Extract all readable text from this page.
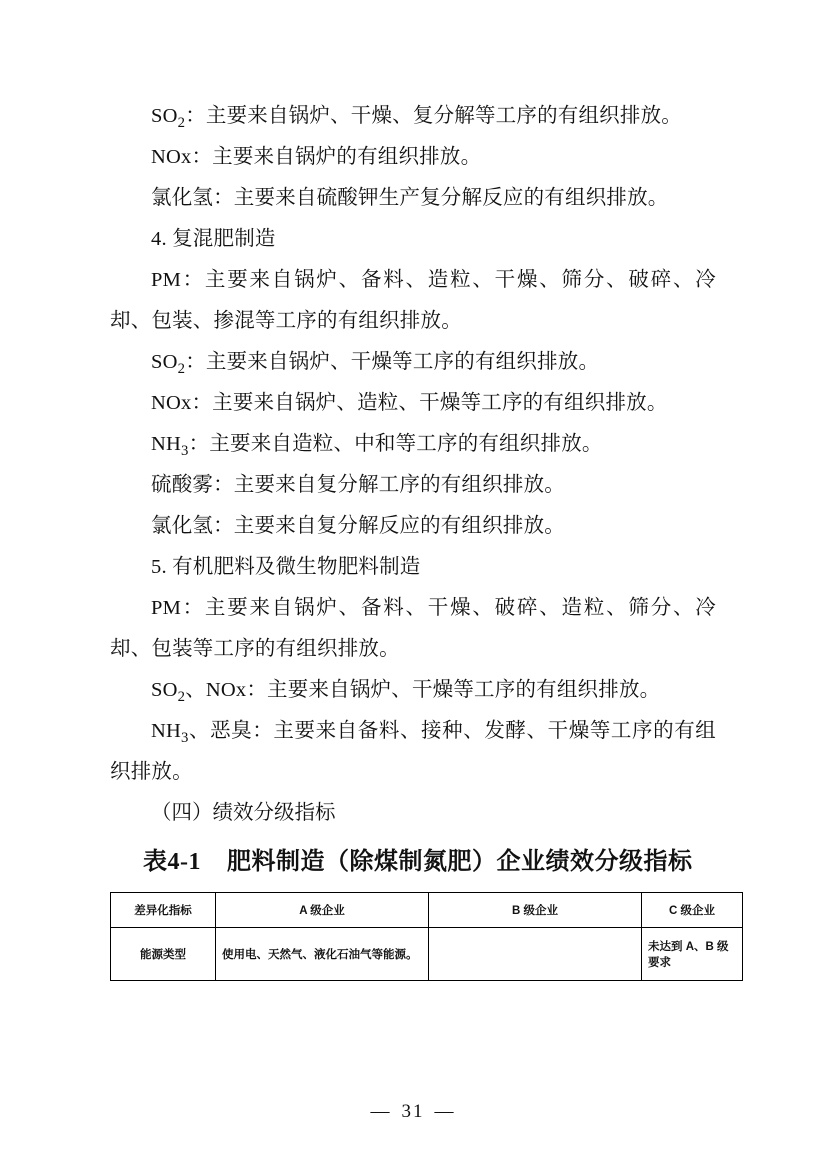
$SO_2$：主要来自锅炉、干燥、复分解等工序的有组织排放。

NOx：主要来自锅炉的有组织排放。

氯化氢：主要来自硫酸钾生产复分解反应的有组织排放。

4. 复混肥制造

PM：主要来自锅炉、备料、造粒、干燥、筛分、破碎、冷却、包装、掺混等工序的有组织排放。

$SO_2$：主要来自锅炉、干燥等工序的有组织排放。

NOx：主要来自锅炉、造粒、干燥等工序的有组织排放。

$NH_3$：主要来自造粒、中和等工序的有组织排放。

硫酸雾：主要来自复分解工序的有组织排放。

氯化氢：主要来自复分解反应的有组织排放。

5. 有机肥料及微生物肥料制造

PM：主要来自锅炉、备料、干燥、破碎、造粒、筛分、冷却、包装等工序的有组织排放。

$SO_2$、NOx：主要来自锅炉、干燥等工序的有组织排放。

$NH_3$、恶臭：主要来自备料、接种、发酵、干燥等工序的有组织排放。

（四）绩效分级指标

表4-1 肥料制造（除煤制氮肥）企业绩效分级指标
差异化指标	A 级企业	B 级企业	C 级企业
能源类型	使用电、天然气、液化石油气等能源。		未达到 A、B 级要求
— 31 —
